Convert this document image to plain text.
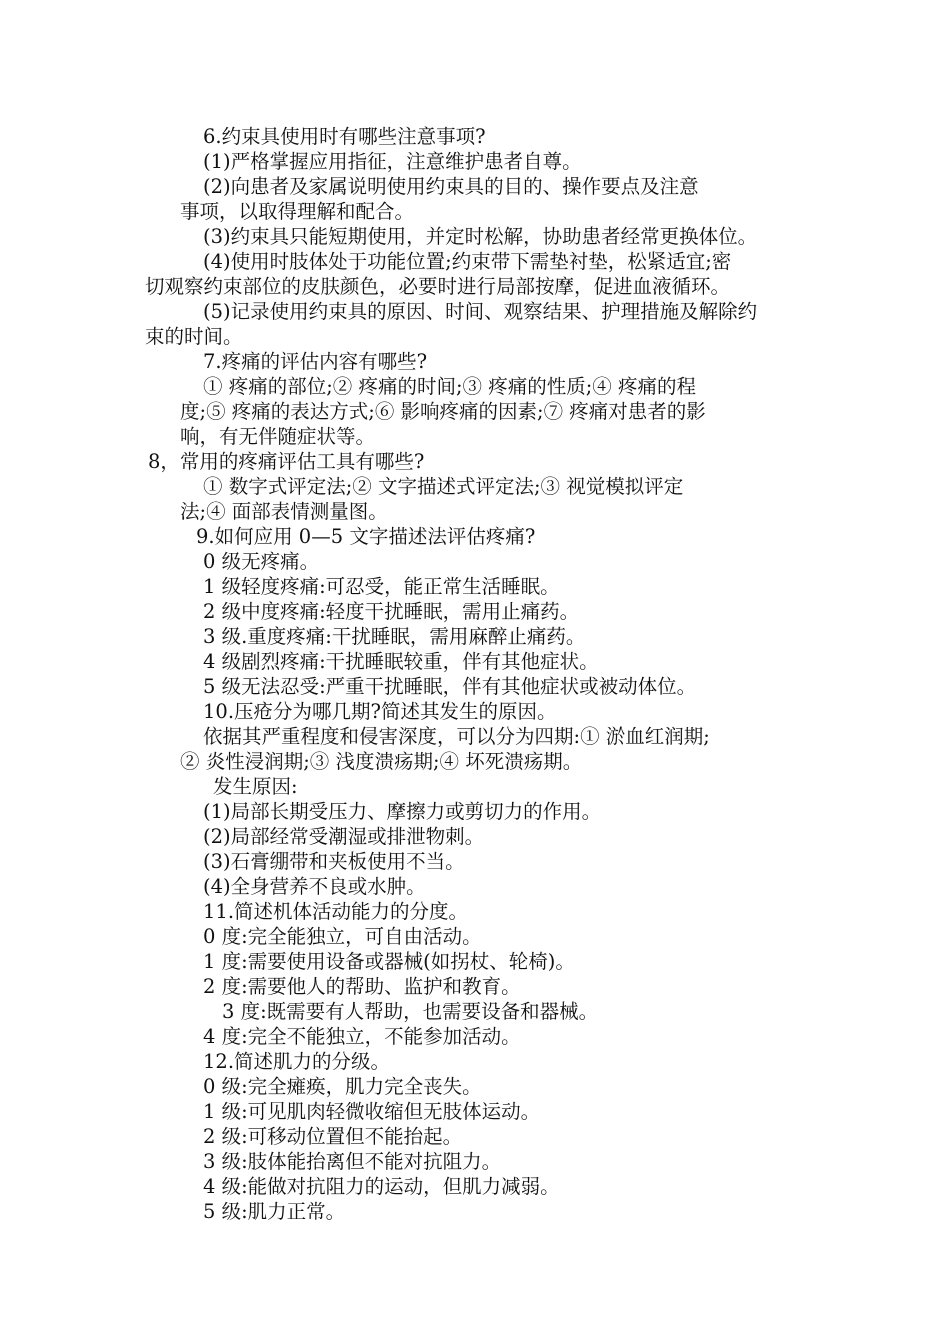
6.约束具使用时有哪些注意事项?
(1)严格掌握应用指征，注意维护患者自尊。
(2)向患者及家属说明使用约束具的目的、操作要点及注意
事项，以取得理解和配合。
(3)约束具只能短期使用，并定时松解，协助患者经常更换体位。
(4)使用时肢体处于功能位置;约束带下需垫衬垫，松紧适宜;密
切观察约束部位的皮肤颜色，必要时进行局部按摩，促进血液循环。
(5)记录使用约束具的原因、时间、观察结果、护理措施及解除约
束的时间。
7.疼痛的评估内容有哪些?
① 疼痛的部位;② 疼痛的时间;③ 疼痛的性质;④ 疼痛的程
度;⑤ 疼痛的表达方式;⑥ 影响疼痛的因素;⑦ 疼痛对患者的影
响，有无伴随症状等。
8，常用的疼痛评估工具有哪些?
① 数字式评定法;② 文字描述式评定法;③ 视觉模拟评定
法;④ 面部表情测量图。
9.如何应用 0—5 文字描述法评估疼痛?
0 级无疼痛。
1 级轻度疼痛:可忍受，能正常生活睡眠。
2 级中度疼痛:轻度干扰睡眠，需用止痛药。
3 级.重度疼痛:干扰睡眠，需用麻醉止痛药。
4 级剧烈疼痛:干扰睡眠较重，伴有其他症状。
5 级无法忍受:严重干扰睡眠，伴有其他症状或被动体位。
10.压疮分为哪几期?简述其发生的原因。
依据其严重程度和侵害深度，可以分为四期:① 淤血红润期;
② 炎性浸润期;③ 浅度溃疡期;④ 坏死溃疡期。
发生原因:
(1)局部长期受压力、摩擦力或剪切力的作用。
(2)局部经常受潮湿或排泄物刺。
(3)石膏绷带和夹板使用不当。
(4)全身营养不良或水肿。
11.简述机体活动能力的分度。
0 度:完全能独立，可自由活动。
1 度:需要使用设备或器械(如拐杖、轮椅)。
2 度:需要他人的帮助、监护和教育。
3 度:既需要有人帮助，也需要设备和器械。
4 度:完全不能独立，不能参加活动。
12.简述肌力的分级。
0 级:完全瘫痪，肌力完全丧失。
1 级:可见肌肉轻微收缩但无肢体运动。
2 级:可移动位置但不能抬起。
3 级:肢体能抬离但不能对抗阻力。
4 级:能做对抗阻力的运动，但肌力减弱。
5 级:肌力正常。
